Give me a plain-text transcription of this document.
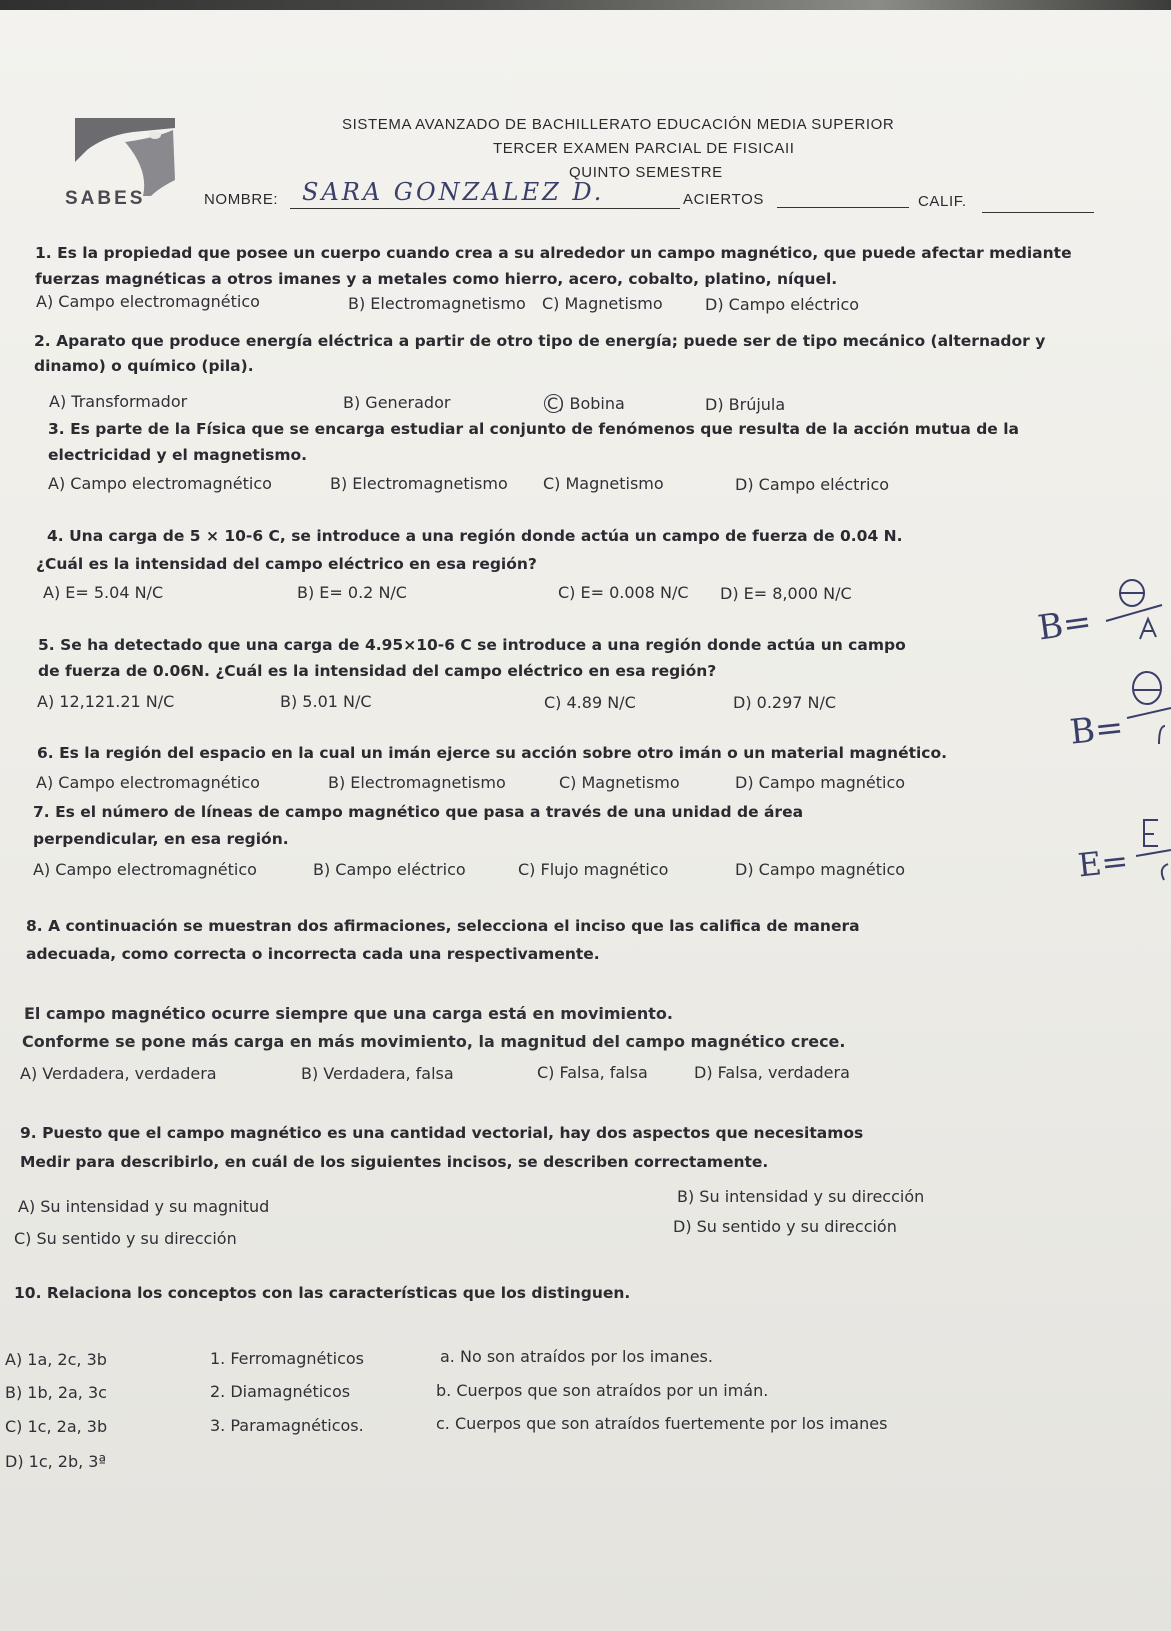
SABES
SISTEMA AVANZADO DE BACHILLERATO EDUCACIÓN MEDIA SUPERIOR
TERCER EXAMEN PARCIAL DE FISICAII
QUINTO SEMESTRE
NOMBRE: SARA GONZALEZ D.	ACIERTOS	CALIF.
1. Es la propiedad que posee un cuerpo cuando crea a su alrededor un campo magnético, que puede afectar mediante
fuerzas magnéticas a otros imanes y a metales como hierro, acero, cobalto, platino, níquel.
A) Campo electromagnético	B) Electromagnetismo C) Magnetismo	D) Campo eléctrico
2. Aparato que produce energía eléctrica a partir de otro tipo de energía; puede ser de tipo mecánico (alternador y
dinamo) o químico (pila).
A) Transformador	B) Generador	C) Bobina	D) Brújula
3. Es parte de la Física que se encarga estudiar al conjunto de fenómenos que resulta de la acción mutua de la
electricidad y el magnetismo.
A) Campo electromagnético	B) Electromagnetismo C) Magnetismo	D) Campo eléctrico
4. Una carga de 5 × 10-6 C, se introduce a una región donde actúa un campo de fuerza de 0.04 N.
¿Cuál es la intensidad del campo eléctrico en esa región?
A) E= 5.04 N/C	B) E= 0.2 N/C	C) E= 0.008 N/C D) E= 8,000 N/C
5. Se ha detectado que una carga de 4.95×10-6 C se introduce a una región donde actúa un campo
de fuerza de 0.06N. ¿Cuál es la intensidad del campo eléctrico en esa región?
A) 12,121.21 N/C	B) 5.01 N/C	C) 4.89 N/C	D) 0.297 N/C
6. Es la región del espacio en la cual un imán ejerce su acción sobre otro imán o un material magnético.
A) Campo electromagnético	B) Electromagnetismo	C) Magnetismo	D) Campo magnético
7. Es el número de líneas de campo magnético que pasa a través de una unidad de área
perpendicular, en esa región.
A) Campo electromagnético	B) Campo eléctrico	C) Flujo magnético	D) Campo magnético
8. A continuación se muestran dos afirmaciones, selecciona el inciso que las califica de manera
adecuada, como correcta o incorrecta cada una respectivamente.
El campo magnético ocurre siempre que una carga está en movimiento.
Conforme se pone más carga en más movimiento, la magnitud del campo magnético crece.
A) Verdadera, verdadera	B) Verdadera, falsa	C) Falsa, falsa	D) Falsa, verdadera
9. Puesto que el campo magnético es una cantidad vectorial, hay dos aspectos que necesitamos
Medir para describirlo, en cuál de los siguientes incisos, se describen correctamente.
A) Su intensidad y su magnitud
B) Su intensidad y su dirección
C) Su sentido y su dirección
D) Su sentido y su dirección
10. Relaciona los conceptos con las características que los distinguen.
A) 1a, 2c, 3b
B) 1b, 2a, 3c
C) 1c, 2a, 3b
D) 1c, 2b, 3ª
1. Ferromagnéticos
2. Diamagnéticos
3. Paramagnéticos.
a. No son atraídos por los imanes.
b. Cuerpos que son atraídos por un imán.
c. Cuerpos que son atraídos fuertemente por los imanes
B=
B=
E=
